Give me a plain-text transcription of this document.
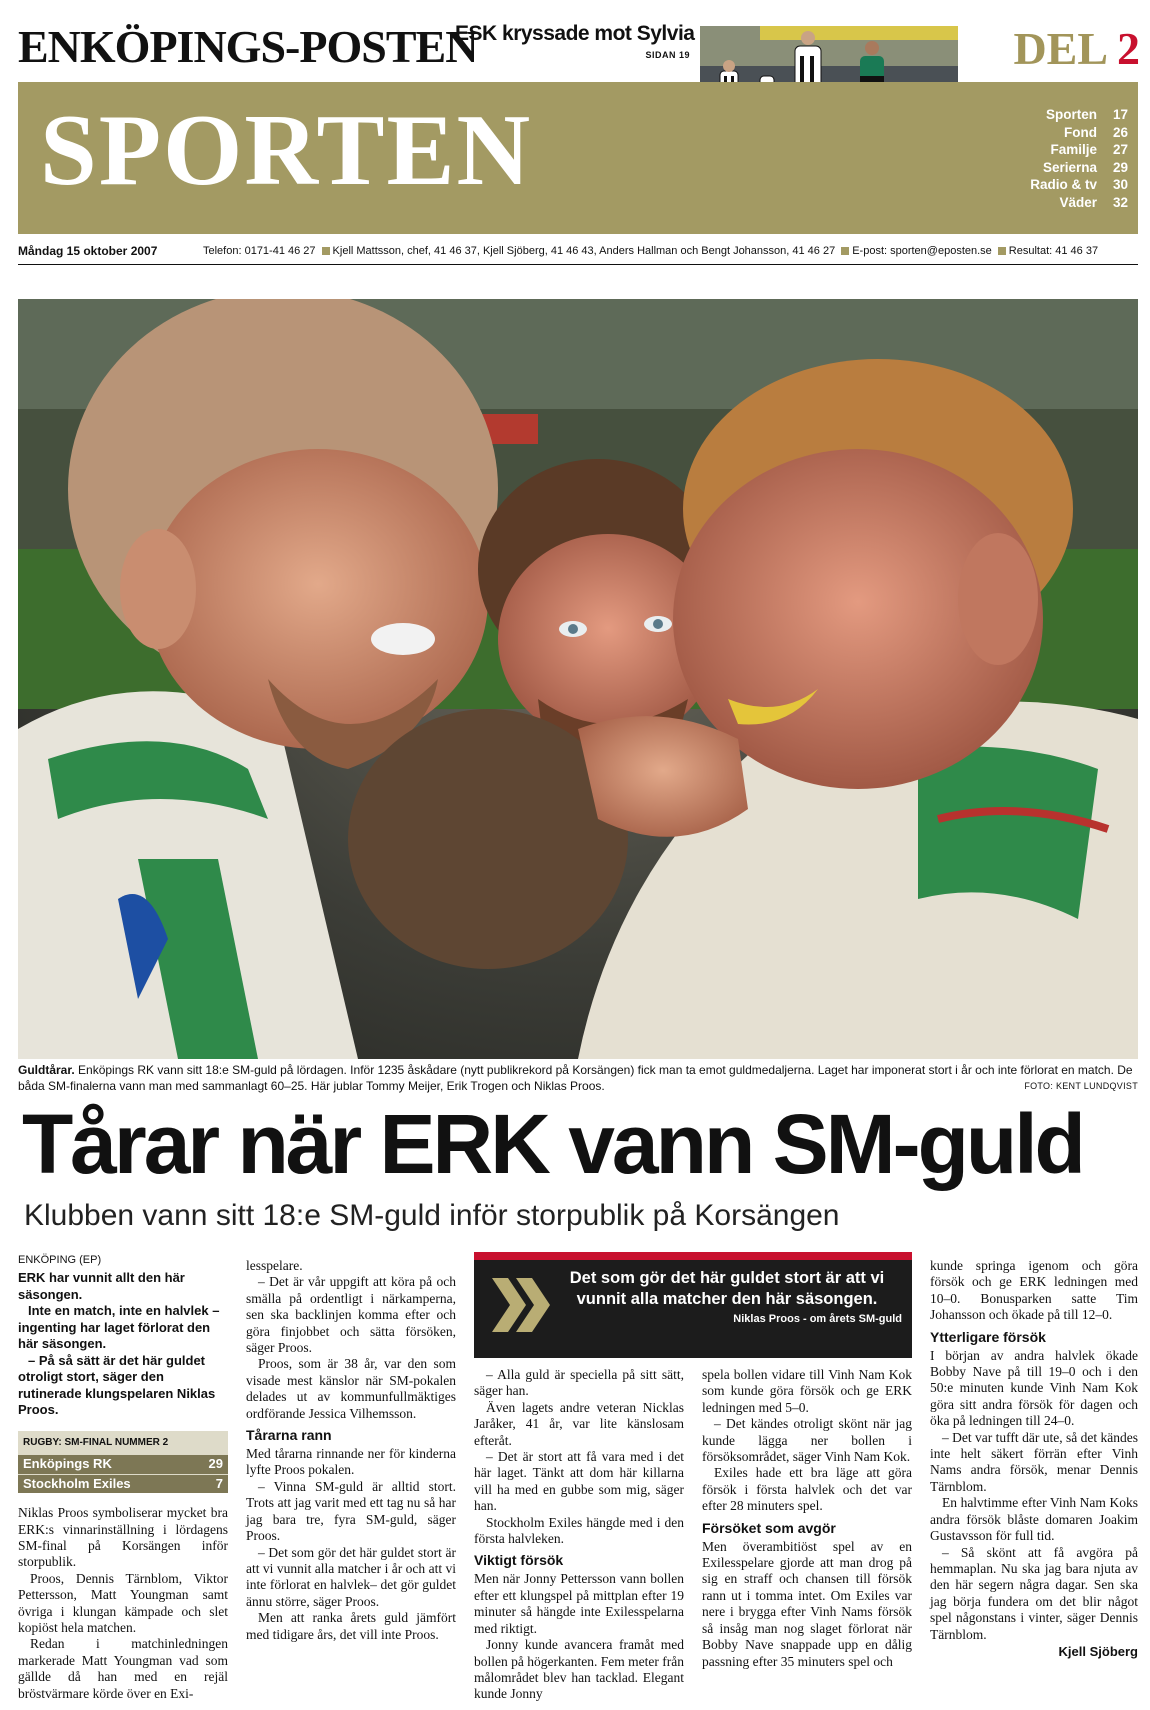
ENKÖPINGS-POSTEN
ESK kryssade mot Sylvia
SIDAN 19	DEL 2
SPORTEN	Sporten	17
Fond	26
Familje	27
Serierna	29
Radio & tv	30
Väder	32
Måndag 15 oktober 2007	Telefon: 0171-41 46 27 Kjell Mattsson, chef, 41 46 37, Kjell Sjöberg, 41 46 43, Anders Hallman och Bengt Johansson, 41 46 27 E-post: sporten@eposten.se Resultat: 41 46 37
Guldtårar. Enköpings RK vann sitt 18:e SM-guld på lördagen. Inför 1235 åskådare (nytt publikrekord på Korsängen) fick man ta emot guldmedaljerna. Laget har imponerat stort i år och inte förlorat en match. De båda SM-finalerna vann man med sammanlagt 60–25. Här jublar Tommy Meijer, Erik Trogen och Niklas Proos.	FOTO: KENT LUNDQVIST
Tårar när ERK vann SM-guld
Klubben vann sitt 18:e SM-guld inför storpublik på Korsängen
ENKÖPING (EP)

ERK har vunnit allt den här säsongen.

Inte en match, inte en halvlek – ingenting har laget förlorat den här säsongen.

– På så sätt är det här guldet otroligt stort, säger den rutinerade klungspelaren Niklas Proos.

RUGBY: SM-FINAL NUMMER 2
Enköpings RK	29
Stockholm Exiles	7

Niklas Proos symboliserar mycket bra ERK:s vinnarinställning i lördagens SM-final på Korsängen inför storpublik.

Proos, Dennis Tärnblom, Viktor Pettersson, Matt Youngman samt övriga i klungan kämpade och slet kopiöst hela matchen.

Redan i matchinledningen markerade Matt Youngman vad som gällde då han med en rejäl bröstvärmare körde över en Exi-

lesspelare.

– Det är vår uppgift att köra på och smälla på ordentligt i närkamperna, sen ska backlinjen komma efter och göra finjobbet och sätta försöken, säger Proos.

Proos, som är 38 år, var den som visade mest känslor när SM-pokalen delades ut av kommunfullmäktiges ordförande Jessica Vilhemsson.

Tårarna rann

Med tårarna rinnande ner för kinderna lyfte Proos pokalen.

– Vinna SM-guld är alltid stort. Trots att jag varit med ett tag nu så har jag bara tre, fyra SM-guld, säger Proos.

– Det som gör det här guldet stort är att vi vunnit alla matcher i år och att vi inte förlorat en halvlek– det gör guldet ännu större, säger Proos.

Men att ranka årets guld jämfört med tidigare års, det vill inte Proos.

Det som gör det här guldet stort är att vi vunnit alla matcher den här säsongen.
Niklas Proos - om årets SM-guld

– Alla guld är speciella på sitt sätt, säger han.

Även lagets andre veteran Nicklas Jaråker, 41 år, var lite känslosam efteråt.

– Det är stort att få vara med i det här laget. Tänkt att dom här killarna vill ha med en gubbe som mig, säger han.

Stockholm Exiles hängde med i den första halvleken.

Viktigt försök

Men när Jonny Pettersson vann bollen efter ett klungspel på mittplan efter 19 minuter så hängde inte Exilesspelarna med riktigt.

Jonny kunde avancera framåt med bollen på högerkanten. Fem meter från målområdet blev han tacklad. Elegant kunde Jonny

spela bollen vidare till Vinh Nam Kok som kunde göra försök och ge ERK ledningen med 5–0.

– Det kändes otroligt skönt när jag kunde lägga ner bollen i försöksområdet, säger Vinh Nam Kok.

Exiles hade ett bra läge att göra försök i första halvlek och det var efter 28 minuters spel.

Försöket som avgör

Men överambitiöst spel av en Exilesspelare gjorde att man drog på sig en straff och chansen till försök rann ut i tomma intet. Om Exiles var nere i brygga efter Vinh Nams försök så insåg man nog slaget förlorat när Bobby Nave snappade upp en dålig passning efter 35 minuters spel och

kunde springa igenom och göra försök och ge ERK ledningen med 10–0. Bonusparken satte Tim Johansson och ökade på till 12–0.

Ytterligare försök

I början av andra halvlek ökade Bobby Nave på till 19–0 och i den 50:e minuten kunde Vinh Nam Kok göra sitt andra försök för dagen och öka på ledningen till 24–0.

– Det var tufft där ute, så det kändes inte helt säkert förrän efter Vinh Nams andra försök, menar Dennis Tärnblom.

En halvtimme efter Vinh Nam Koks andra försök blåste domaren Joakim Gustavsson för full tid.

– Så skönt att få avgöra på hemmaplan. Nu ska jag bara njuta av den här segern några dagar. Sen ska jag börja fundera om det blir något spel någonstans i vinter, säger Dennis Tärnblom.

Kjell Sjöberg
